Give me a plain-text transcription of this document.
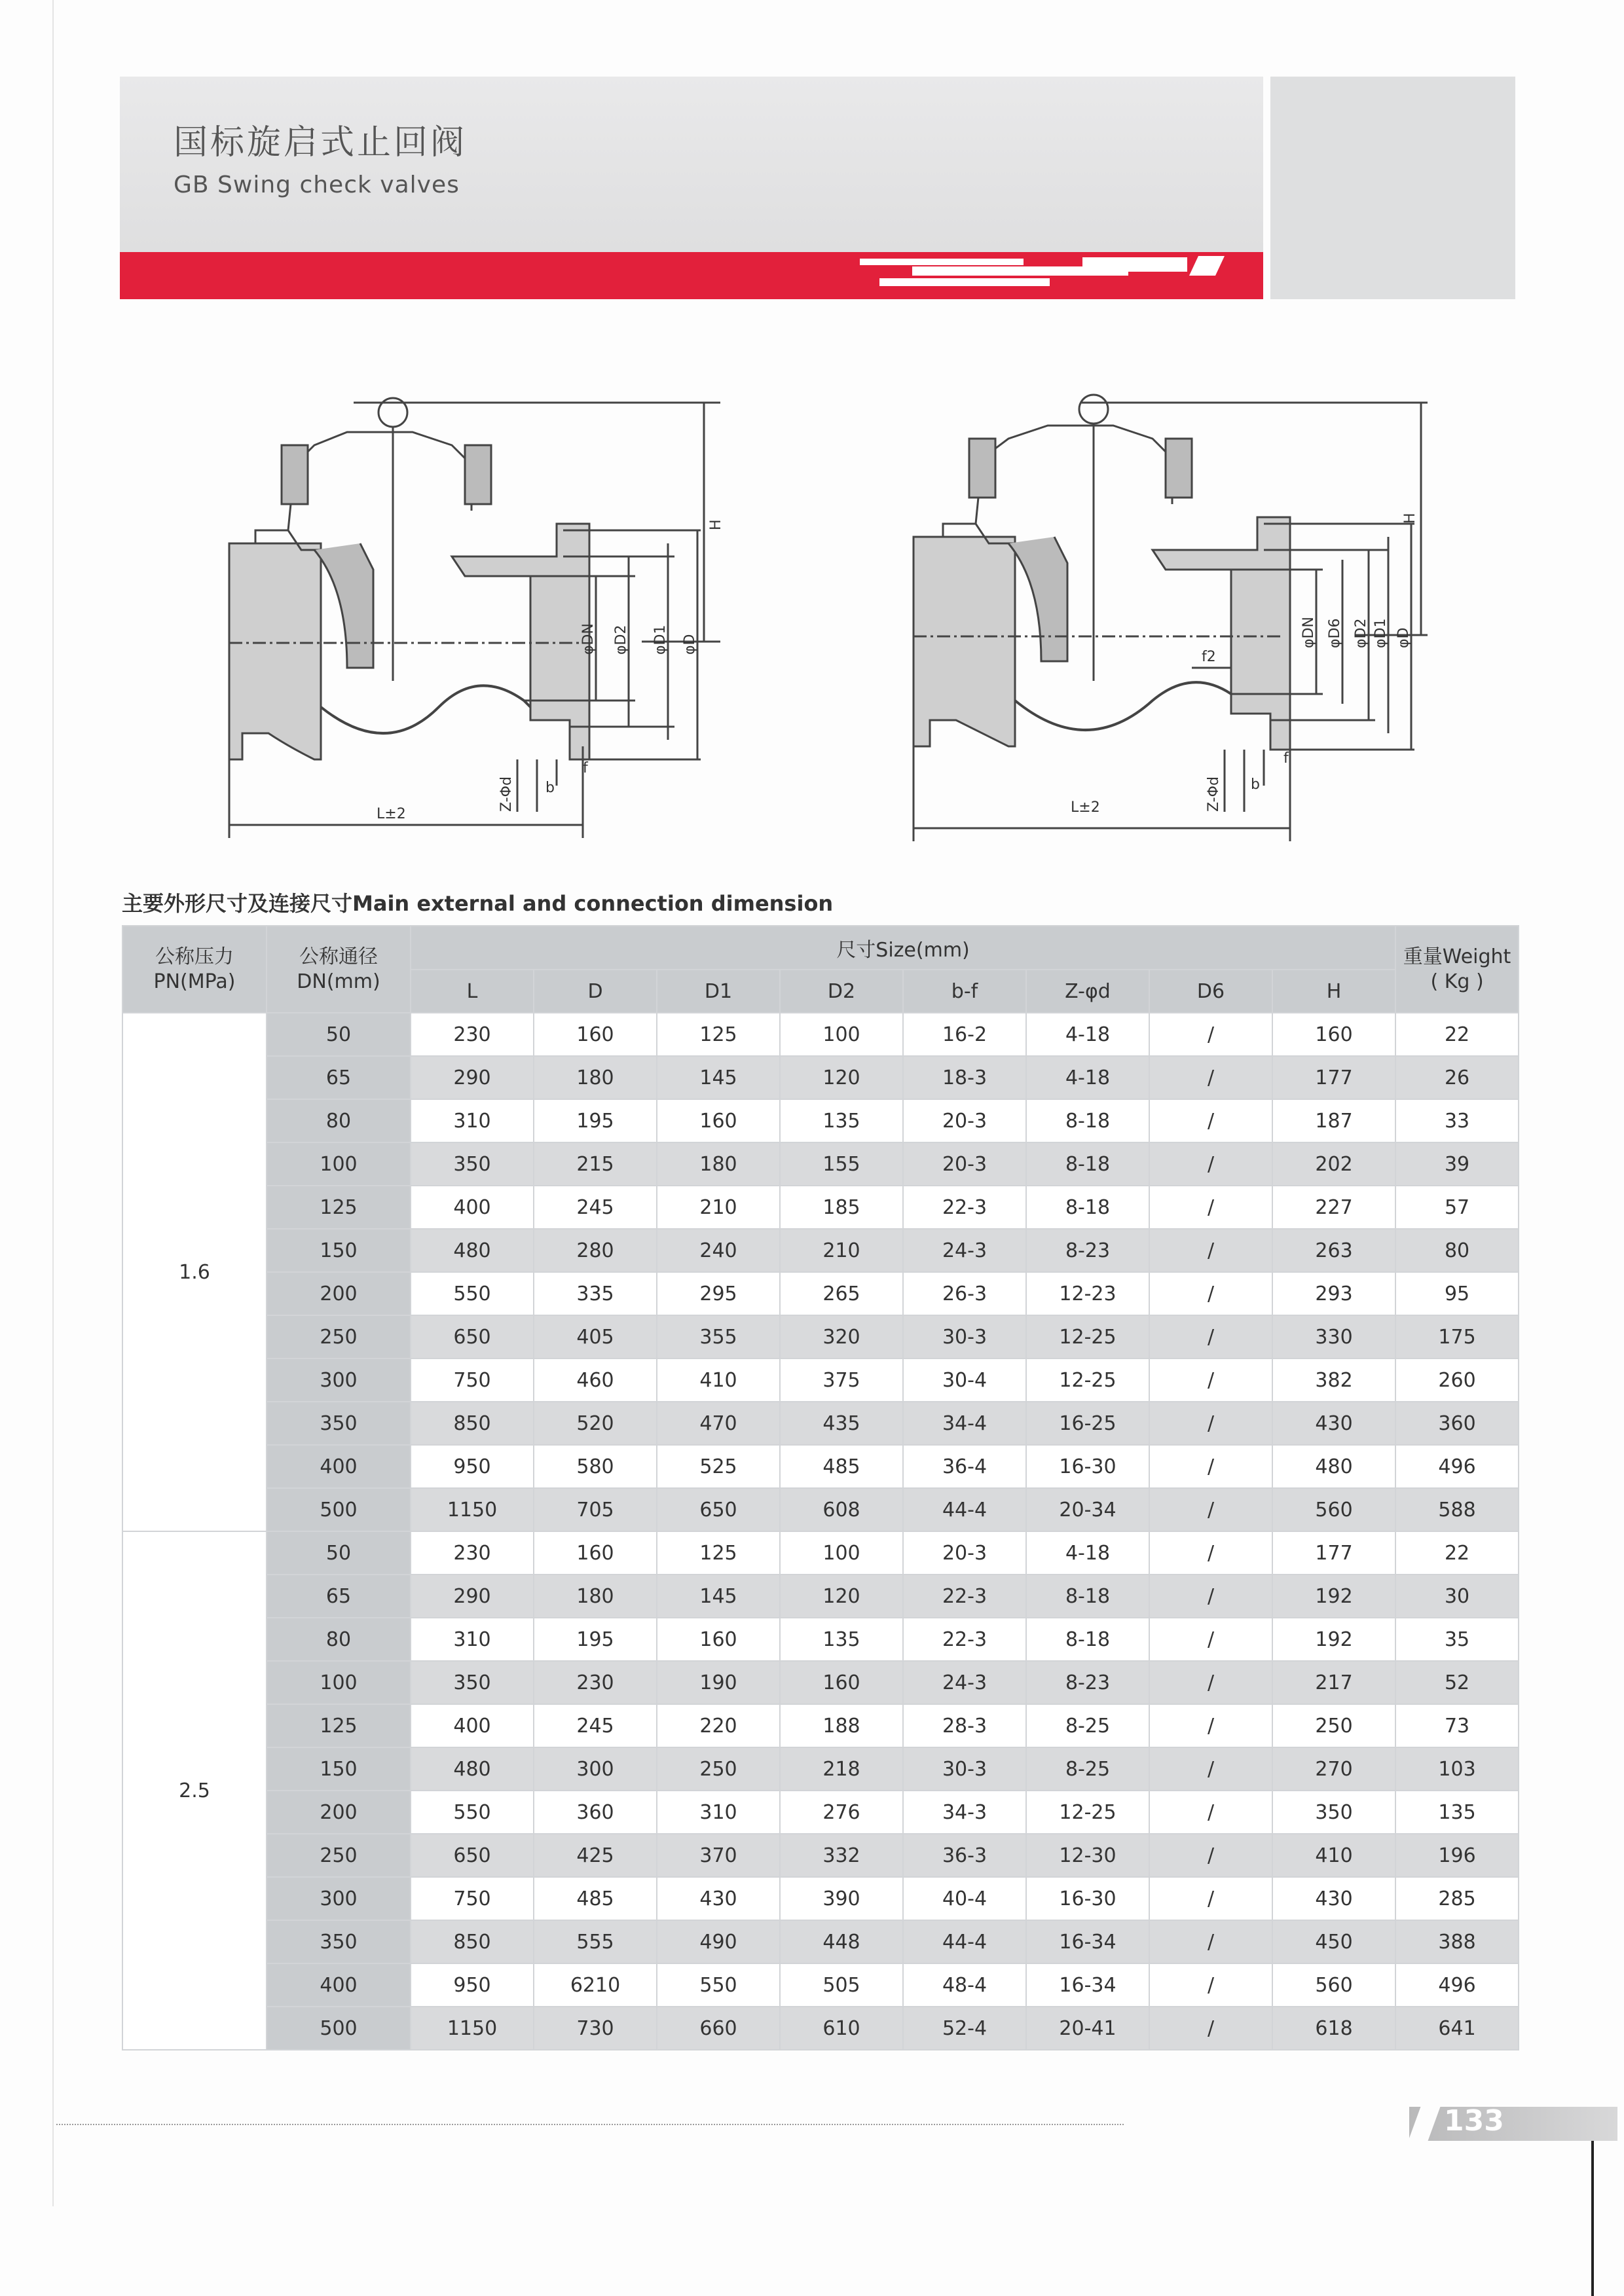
国标旋启式止回阀
GB Swing check valves
H
φDN φD2 φD1 φD
f
b
Z-Φd
L±2
H
φDN φD6 φD2 φD1 φD
f2
f
b
Z-Φd
L±2
主要外形尺寸及连接尺寸Main external and connection dimension
公称压力
PN(MPa)	公称通径
DN(mm)	尺寸Size(mm)								重量Weight
( Kg )
		L	D	D1	D2	b-f	Z-φd	D6	H	
1.6	50	230	160	125	100	16-2	4-18	/	160	22
	65	290	180	145	120	18-3	4-18	/	177	26
	80	310	195	160	135	20-3	8-18	/	187	33
	100	350	215	180	155	20-3	8-18	/	202	39
	125	400	245	210	185	22-3	8-18	/	227	57
	150	480	280	240	210	24-3	8-23	/	263	80
	200	550	335	295	265	26-3	12-23	/	293	95
	250	650	405	355	320	30-3	12-25	/	330	175
	300	750	460	410	375	30-4	12-25	/	382	260
	350	850	520	470	435	34-4	16-25	/	430	360
	400	950	580	525	485	36-4	16-30	/	480	496
	500	1150	705	650	608	44-4	20-34	/	560	588
2.5	50	230	160	125	100	20-3	4-18	/	177	22
	65	290	180	145	120	22-3	8-18	/	192	30
	80	310	195	160	135	22-3	8-18	/	192	35
	100	350	230	190	160	24-3	8-23	/	217	52
	125	400	245	220	188	28-3	8-25	/	250	73
	150	480	300	250	218	30-3	8-25	/	270	103
	200	550	360	310	276	34-3	12-25	/	350	135
	250	650	425	370	332	36-3	12-30	/	410	196
	300	750	485	430	390	40-4	16-30	/	430	285
	350	850	555	490	448	44-4	16-34	/	450	388
	400	950	6210	550	505	48-4	16-34	/	560	496
	500	1150	730	660	610	52-4	20-41	/	618	641
133
